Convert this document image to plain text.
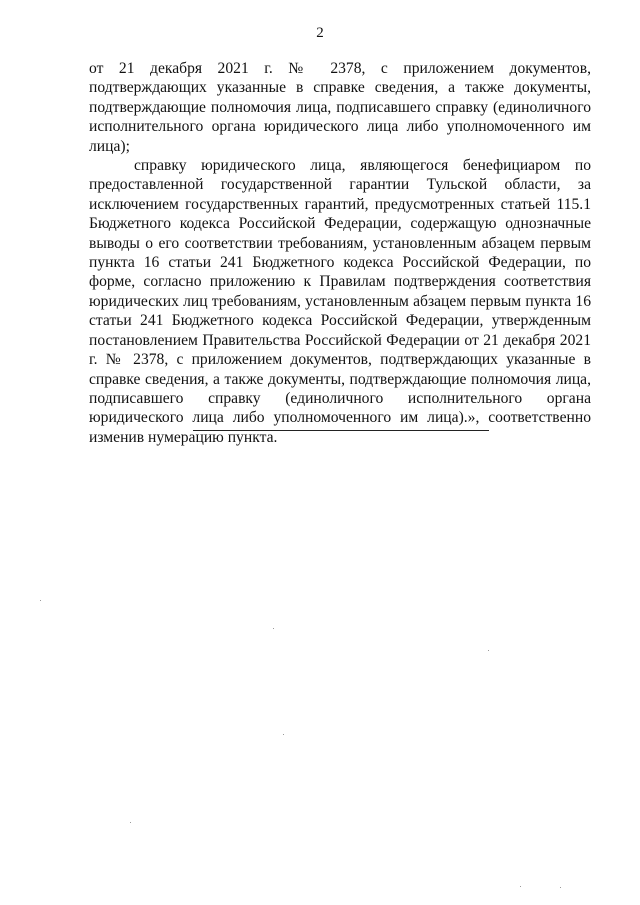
2

от 21 декабря 2021 г. № 2378, с приложением документов, подтверждающих указанные в справке сведения, а также документы, подтверждающие полномочия лица, подписавшего справку (единоличного исполнительного органа юридического лица либо уполномоченного им лица);

справку юридического лица, являющегося бенефициаром по предоставленной государственной гарантии Тульской области, за исключением государственных гарантий, предусмотренных статьей 115.1 Бюджетного кодекса Российской Федерации, содержащую однозначные выводы о его соответствии требованиям, установленным абзацем первым пункта 16 статьи 241 Бюджетного кодекса Российской Федерации, по форме, согласно приложению к Правилам подтверждения соответствия юридических лиц требованиям, установленным абзацем первым пункта 16 статьи 241 Бюджетного кодекса Российской Федерации, утвержденным постановлением Правительства Российской Федерации от 21 декабря 2021 г. № 2378, с приложением документов, подтверждающих указанные в справке сведения, а также документы, подтверждающие полномочия лица, подписавшего справку (единоличного исполнительного органа юридического лица либо уполномоченного им лица).», соответственно изменив нумерацию пункта.
